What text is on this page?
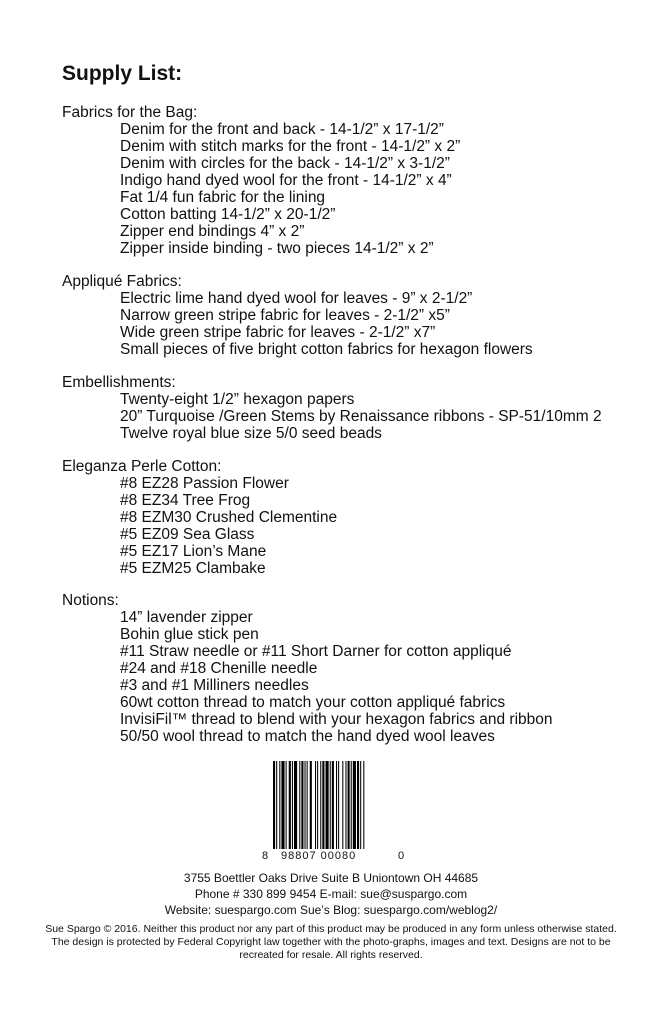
Supply List:

Fabrics for the Bag:

Denim for the front and back - 14-1/2” x 17-1/2”
Denim with stitch marks for the front - 14-1/2” x 2”
Denim with circles for the back - 14-1/2” x 3-1/2”
Indigo hand dyed wool for the front - 14-1/2” x 4”
Fat 1/4 fun fabric for the lining
Cotton batting 14-1/2” x 20-1/2”
Zipper end bindings 4” x 2”
Zipper inside binding - two pieces 14-1/2” x 2”

Appliqué Fabrics:

Electric lime hand dyed wool for leaves - 9” x 2-1/2”
Narrow green stripe fabric for leaves - 2-1/2” x5”
Wide green stripe fabric for leaves - 2-1/2” x7”
Small pieces of five bright cotton fabrics for hexagon flowers

Embellishments:

Twenty-eight 1/2” hexagon papers
20” Turquoise /Green Stems by Renaissance ribbons - SP-51/10mm 2
Twelve royal blue size 5/0 seed beads

Eleganza Perle Cotton:

#8 EZ28 Passion Flower
#8 EZ34 Tree Frog
#8 EZM30 Crushed Clementine
#5 EZ09 Sea Glass
#5 EZ17 Lion’s Mane
#5 EZM25 Clambake

Notions:

14” lavender zipper
Bohin glue stick pen
#11 Straw needle or #11 Short Darner for cotton appliqué
#24 and #18 Chenille needle
#3 and #1 Milliners needles
60wt cotton thread to match your cotton appliqué fabrics
InvisiFil™ thread to blend with your hexagon fabrics and ribbon
50/50 wool thread to match the hand dyed wool leaves
8 98807 00080	0

3755 Boettler Oaks Drive Suite B Uniontown OH 44685

Phone # 330 899 9454 E-mail: sue@suspargo.com

Website: suespargo.com Sue’s Blog: suespargo.com/weblog2/

Sue Spargo © 2016. Neither this product nor any part of this product may be produced in any form unless otherwise stated. The design is protected by Federal Copyright law together with the photo-graphs, images and text. Designs are not to be recreated for resale. All rights reserved.
